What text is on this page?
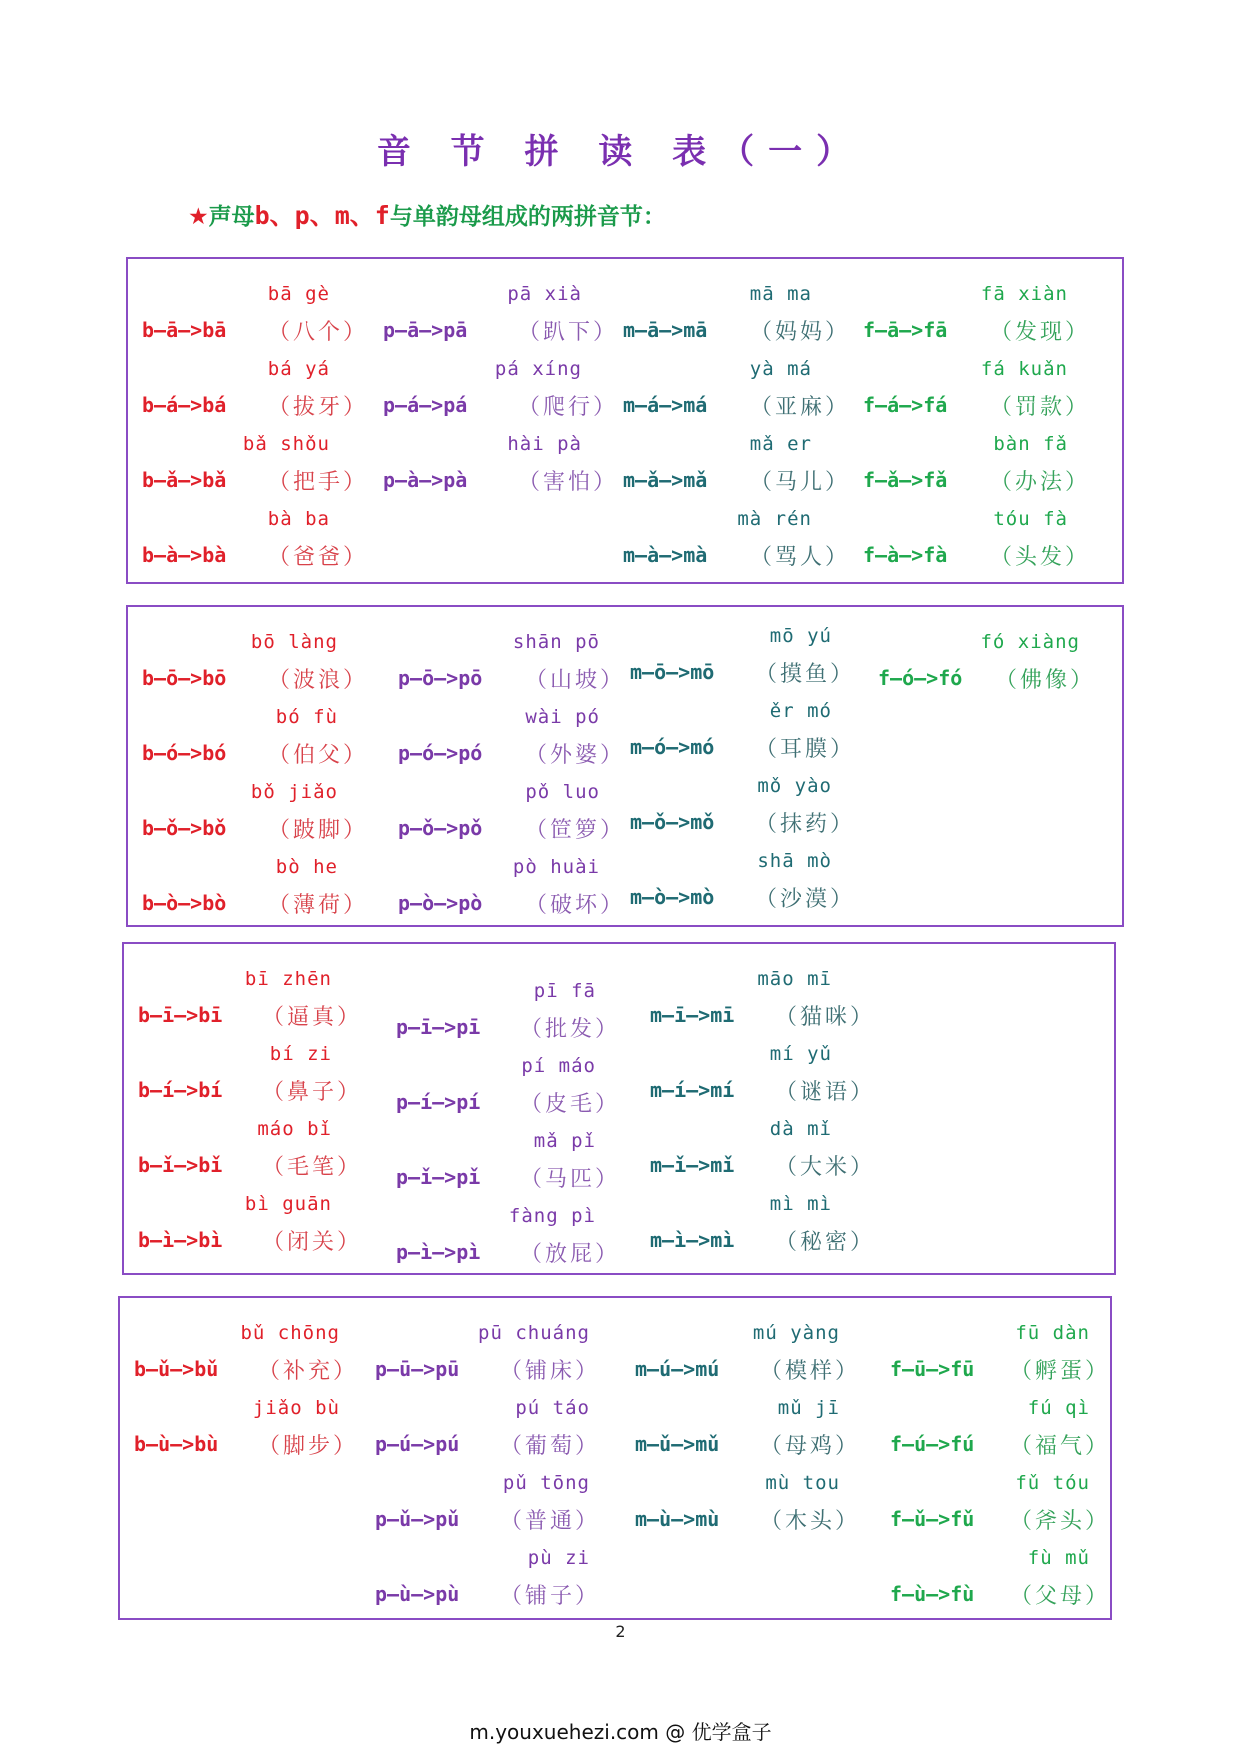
音 节 拼 读 表（一）
★声母b、p、m、f与单韵母组成的两拼音节：
bā gè
b—ā—>bā （八个）
bá yá
b—á—>bá （拔牙）
bǎ shǒu
b—ǎ—>bǎ （把手）
bà ba
b—à—>bà （爸爸）
pā xià
p—ā—>pā （趴下）
pá xíng
p—á—>pá （爬行）
hài pà
p—à—>pà （害怕）
mā ma
m—ā—>mā （妈妈）
yà má
m—á—>má （亚麻）
mǎ er
m—ǎ—>mǎ （马儿）
mà rén
m—à—>mà （骂人）
fā xiàn
f—ā—>fā （发现）
fá kuǎn
f—á—>fá （罚款）
bàn fǎ
f—ǎ—>fǎ （办法）
tóu fà
f—à—>fà （头发）
bō làng
b—ō—>bō （波浪）
bó fù
b—ó—>bó （伯父）
bǒ jiǎo
b—ǒ—>bǒ （跛脚）
bò he
b—ò—>bò （薄荷）
shān pō
p—ō—>pō （山坡）
wài pó
p—ó—>pó （外婆）
pǒ luo
p—ǒ—>pǒ （笸箩）
pò huài
p—ò—>pò （破坏）
mō yú
m—ō—>mō （摸鱼）
ěr mó
m—ó—>mó （耳膜）
mǒ yào
m—ǒ—>mǒ （抹药）
shā mò
m—ò—>mò （沙漠）
fó xiàng
f—ó—>fó （佛像）
bī zhēn
b—ī—>bī （逼真）
bí zi
b—í—>bí （鼻子）
máo bǐ
b—ǐ—>bǐ （毛笔）
bì guān
b—ì—>bì （闭关）
pī fā
p—ī—>pī （批发）
pí máo
p—í—>pí （皮毛）
mǎ pǐ
p—ǐ—>pǐ （马匹）
fàng pì
p—ì—>pì （放屁）
māo mī
m—ī—>mī （猫咪）
mí yǔ
m—í—>mí （谜语）
dà mǐ
m—ǐ—>mǐ （大米）
mì mì
m—ì—>mì （秘密）
bǔ chōng
b—ǔ—>bǔ （补充）
jiǎo bù
b—ù—>bù （脚步）
pū chuáng
p—ū—>pū （铺床）
pú táo
p—ú—>pú （葡萄）
pǔ tōng
p—ǔ—>pǔ （普通）
pù zi
p—ù—>pù （铺子）
mú yàng
m—ú—>mú （模样）
mǔ jī
m—ǔ—>mǔ （母鸡）
mù tou
m—ù—>mù （木头）
fū dàn
f—ū—>fū （孵蛋）
fú qì
f—ú—>fú （福气）
fǔ tóu
f—ǔ—>fǔ （斧头）
fù mǔ
f—ù—>fù （父母）
2
m.youxuehezi.com @ 优学盒子
